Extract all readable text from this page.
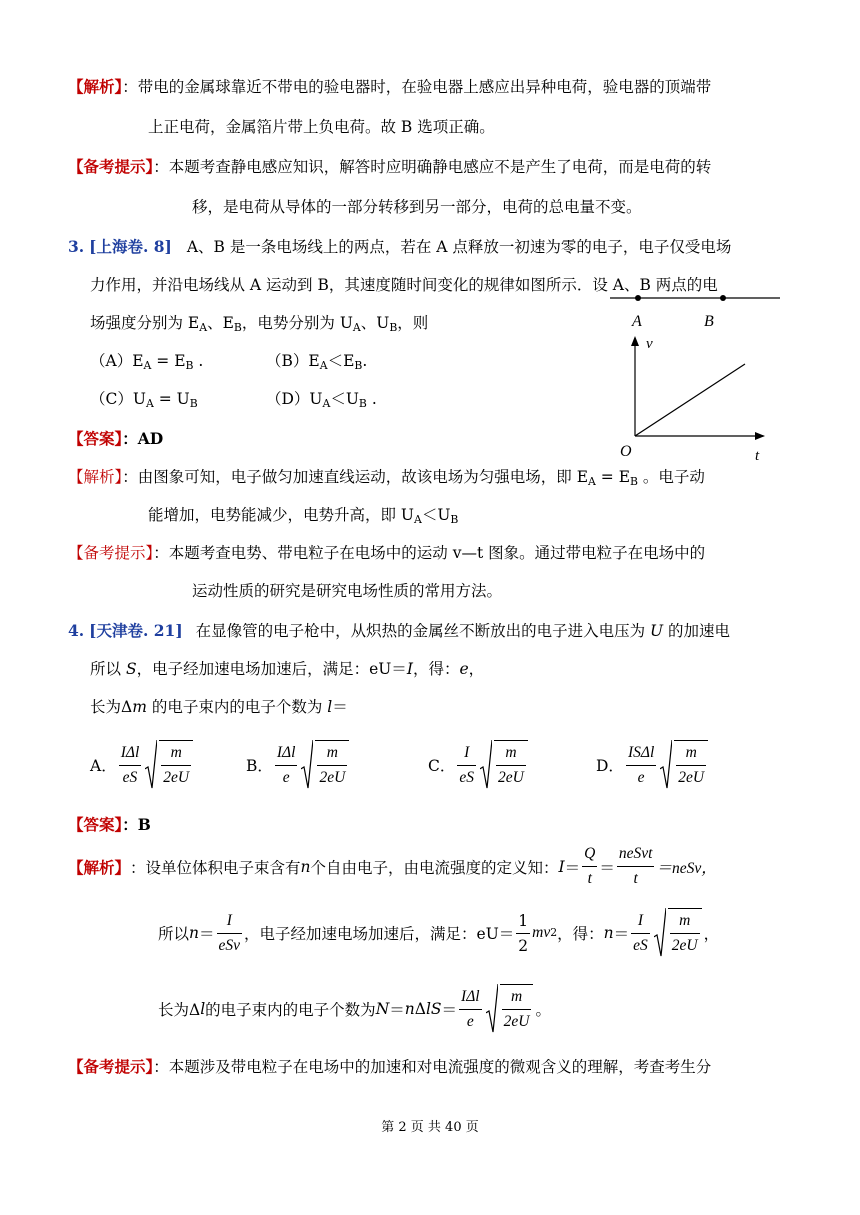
【解析】：带电的金属球靠近不带电的验电器时，在验电器上感应出异种电荷，验电器的顶端带
上正电荷，金属箔片带上负电荷。故 B 选项正确。
【备考提示】：本题考查静电感应知识，解答时应明确静电感应不是产生了电荷，而是电荷的转
移，是电荷从导体的一部分转移到另一部分，电荷的总电量不变。
3. [上海卷. 8] A、B 是一条电场线上的两点，若在 A 点释放一初速为零的电子，电子仅受电场
力作用，并沿电场线从 A 运动到 B，其速度随时间变化的规律如图所示．设 A、B 两点的电
场强度分别为 $E_A$、$E_B$，电势分别为 $U_A$、$U_B$，则
$(A)E_A = E_B$ .	$(B)E_A<E_B$.
$(C)U_A = U_B$	$(D)U_A<U_B$ .
A	B
v
t
O
【答案】：AD
【解析】：由图象可知，电子做匀加速直线运动，故该电场为匀强电场，即 $E_A = E_B$ 。电子动
能增加，电势能减少，电势升高，即 $U_A<U_B$
【备考提示】：本题考查电势、带电粒子在电场中的运动 v—t 图象。通过带电粒子在电场中的
运动性质的研究是研究电场性质的常用方法。
4. [天津卷. 21] 在显像管的电子枪中，从炽热的金属丝不断放出的电子进入电压为 U 的加速电
所以 S，电子经加速电场加速后，满足：eU＝I，得：e，
长为Δm 的电子束内的电子个数为 l＝
A． $\frac{\text{IΔl}}{eS} \frac{m}{2eU}$	B． $\frac{\text{IΔl}}{e} \frac{m}{2eU}$	C． $\frac{I}{eS} \frac{m}{2eU}$	D． $\frac{\text{ISΔl}}{e} \frac{m}{2eU}$
【答案】：B
【解析】 ：设单位体积电子束含有 n 个自由电子，由电流强度的定义知： $I = \frac{Q}{t} = \frac{\text{neSvt}}{t}$ ＝neSv，
所以 $n = \frac{I}{\text{eSv}}$ ，电子经加速电场加速后，满足：$eU= \frac{1}{2}$ mv 2 ，得： $n = \frac{I}{eS} \frac{m}{2eU}$ ，
长为Δ l 的电子束内的电子个数为 N ＝ n Δ lS ＝ $\frac{\text{IΔl}}{e} \frac{m}{2eU}$ 。
【备考提示】：本题涉及带电粒子在电场中的加速和对电流强度的微观含义的理解，考查考生分
第 2 页 共 40 页
